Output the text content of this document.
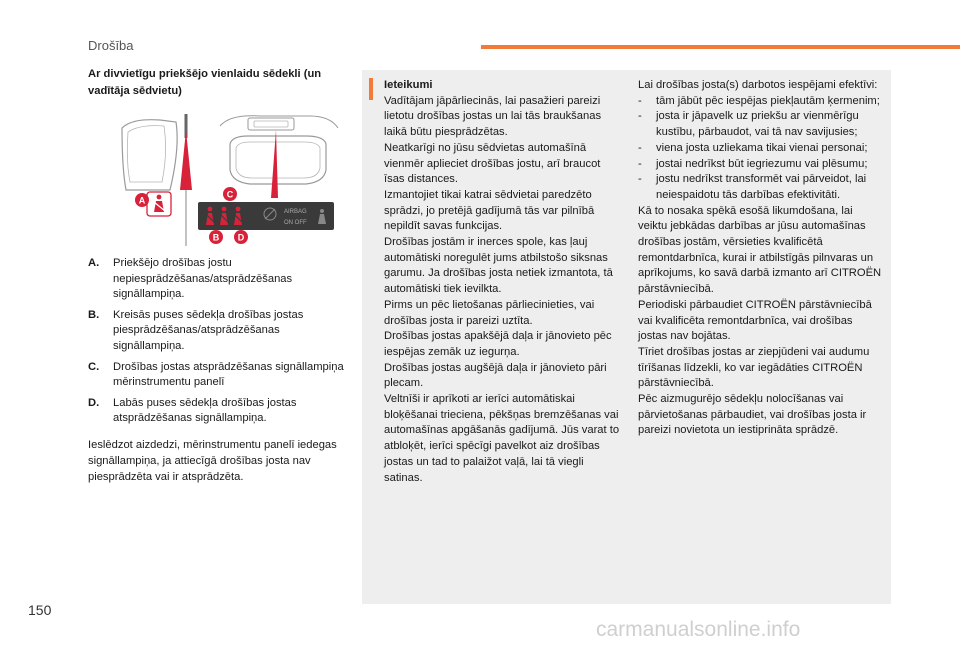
Drošība
Ar divvietīgu priekšējo vienlaidu sēdekli (un vadītāja sēdvietu)
AIRBAG
ON OFF
A
C
B D
A.	Priekšējo drošības jostu nepiesprādzēšanas/atsprādzēšanas signāllampiņa.
B.	Kreisās puses sēdekļa drošības jostas piesprādzēšanas/atsprādzēšanas signāllampiņa.
C.	Drošības jostas atsprādzēšanas signāllampiņa mērinstrumentu panelī
D.	Labās puses sēdekļa drošības jostas atsprādzēšanas signāllampiņa.
Ieslēdzot aizdedzi, mērinstrumentu panelī iedegas signāllampiņa, ja attiecīgā drošības josta nav piesprādzēta vai ir atsprādzēta.
Ieteikumi
Vadītājam jāpārliecinās, lai pasažieri pareizi lietotu drošības jostas un lai tās braukšanas laikā būtu piesprādzētas.
Neatkarīgi no jūsu sēdvietas automašīnā vienmēr aplieciet drošības jostu, arī braucot īsas distances.
Izmantojiet tikai katrai sēdvietai paredzēto sprādzi, jo pretējā gadījumā tās var pilnībā nepildīt savas funkcijas.
Drošības jostām ir inerces spole, kas ļauj automātiski noregulēt jums atbilstošo siksnas garumu. Ja drošības josta netiek izmantota, tā automātiski tiek ievilkta.
Pirms un pēc lietošanas pārliecinieties, vai drošības josta ir pareizi uztīta.
Drošības jostas apakšējā daļa ir jānovieto pēc iespējas zemāk uz iegurņa.
Drošības jostas augšējā daļa ir jānovieto pāri plecam.
Veltnīši ir aprīkoti ar ierīci automātiskai bloķēšanai trieciena, pēkšņas bremzēšanas vai automašīnas apgāšanās gadījumā. Jūs varat to atbloķēt, ierīci spēcīgi pavelkot aiz drošības jostas un tad to palaižot vaļā, lai tā viegli satinas.
Lai drošības josta(s) darbotos iespējami efektīvi:
-	tām jābūt pēc iespējas piekļautām ķermenim;
-	josta ir jāpavelk uz priekšu ar vienmērīgu kustību, pārbaudot, vai tā nav savijusies;
-	viena josta uzliekama tikai vienai personai;
-	jostai nedrīkst būt iegriezumu vai plēsumu;
-	jostu nedrīkst transformēt vai pārveidot, lai neiespaidotu tās darbības efektivitāti.
Kā to nosaka spēkā esošā likumdošana, lai veiktu jebkādas darbības ar jūsu automašīnas drošības jostām, vērsieties kvalificētā remontdarbnīca, kurai ir atbilstīgās pilnvaras un aprīkojums, ko savā darbā izmanto arī CITROËN pārstāvniecībā.
Periodiski pārbaudiet CITROËN pārstāvniecībā vai kvalificēta remontdarbnīca, vai drošības jostas nav bojātas.
Tīriet drošības jostas ar ziepjūdeni vai audumu tīrīšanas līdzekli, ko var iegādāties CITROËN pārstāvniecībā.
Pēc aizmugurējo sēdekļu nolocīšanas vai pārvietošanas pārbaudiet, vai drošības josta ir pareizi novietota un iestiprināta sprādzē.
150
carmanualsonline.info
